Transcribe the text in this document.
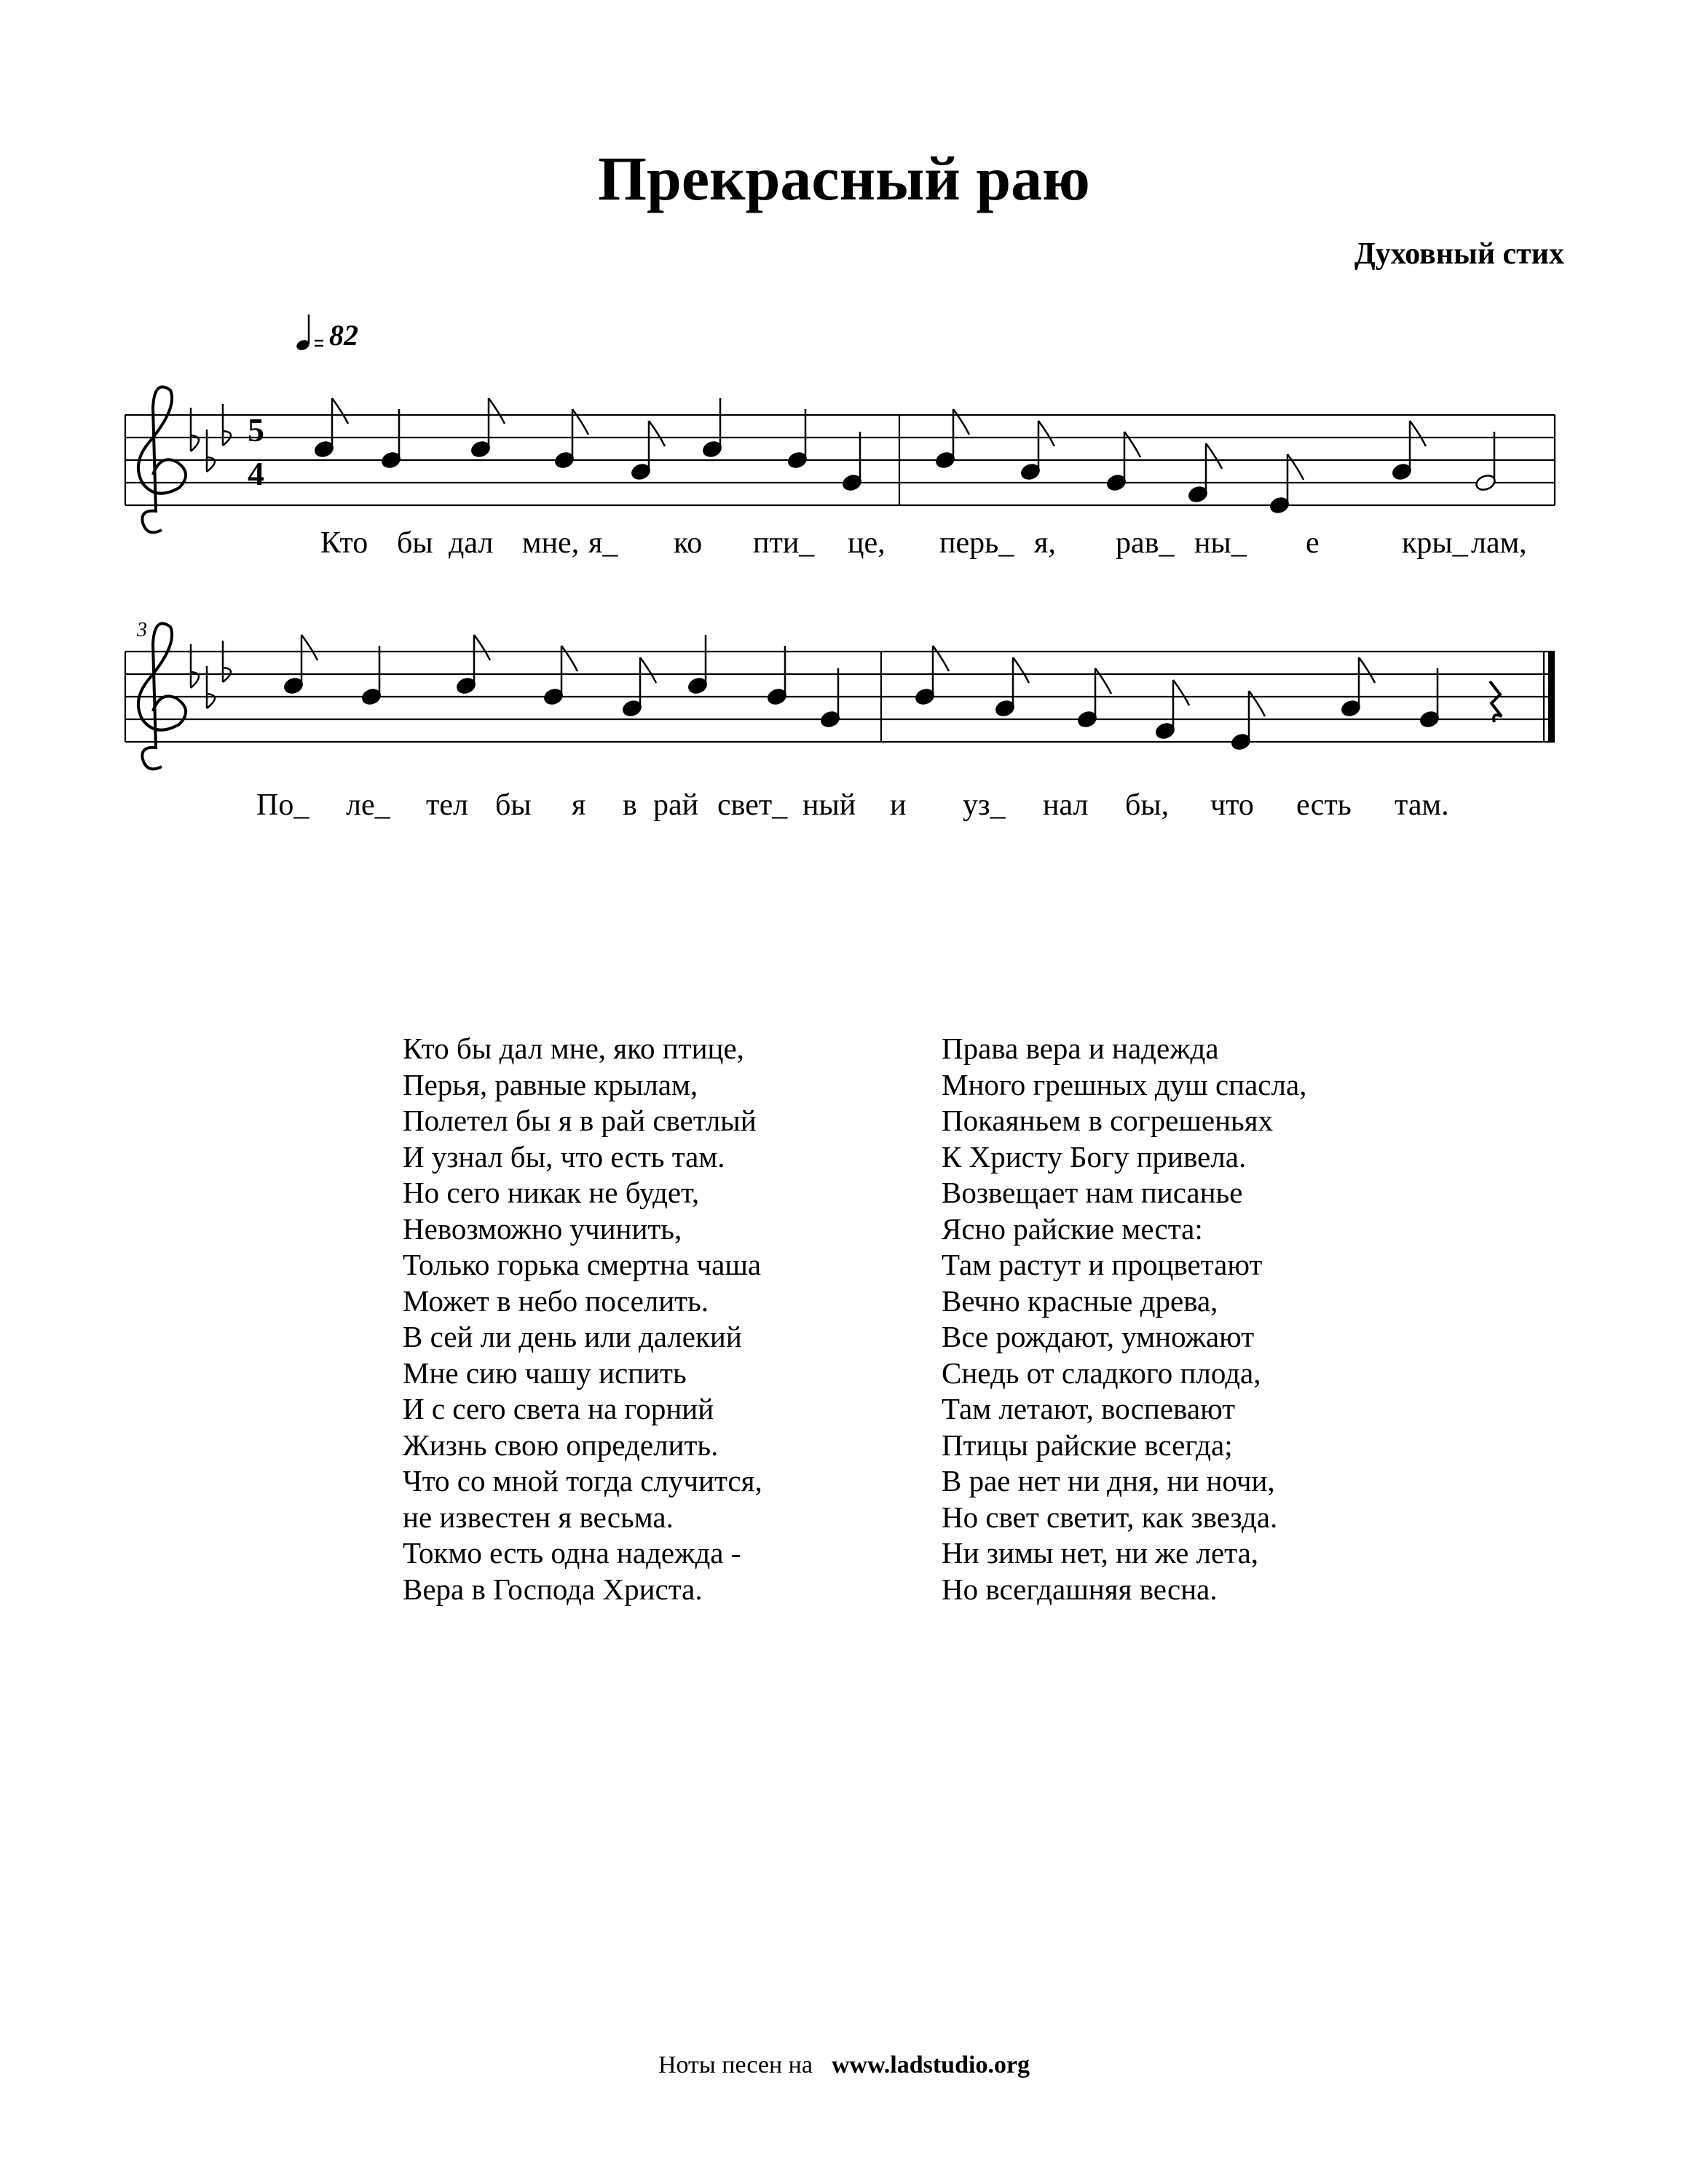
Прекрасный раю
Духовный стих
82
5
4
Кто бы дал мне, я_ ко пти_ це, перь_ я, рав_ ны_ е	кры_ лам,
3
По_ ле_ тел бы я в рай свет_ ный и уз_ нал бы, что есть там.
Кто бы дал мне, яко птице,
Перья, равные крылам,
Полетел бы я в рай светлый
И узнал бы, что есть там.
Но сего никак не будет,
Невозможно учинить,
Только горька смертна чаша
Может в небо поселить.
В сей ли день или далекий
Мне сию чашу испить
И с сего света на горний
Жизнь свою определить.
Что со мной тогда случится,
не известен я весьма.
Токмо есть одна надежда -
Вера в Господа Христа.
Права вера и надежда
Много грешных душ спасла,
Покаяньем в согрешеньях
К Христу Богу привела.
Возвещает нам писанье
Ясно райские места:
Там растут и процветают
Вечно красные древа,
Все рождают, умножают
Снедь от сладкого плода,
Там летают, воспевают
Птицы райские всегда;
В рае нет ни дня, ни ночи,
Но свет светит, как звезда.
Ни зимы нет, ни же лета,
Но всегдашняя весна.
Ноты песен на www.ladstudio.org
